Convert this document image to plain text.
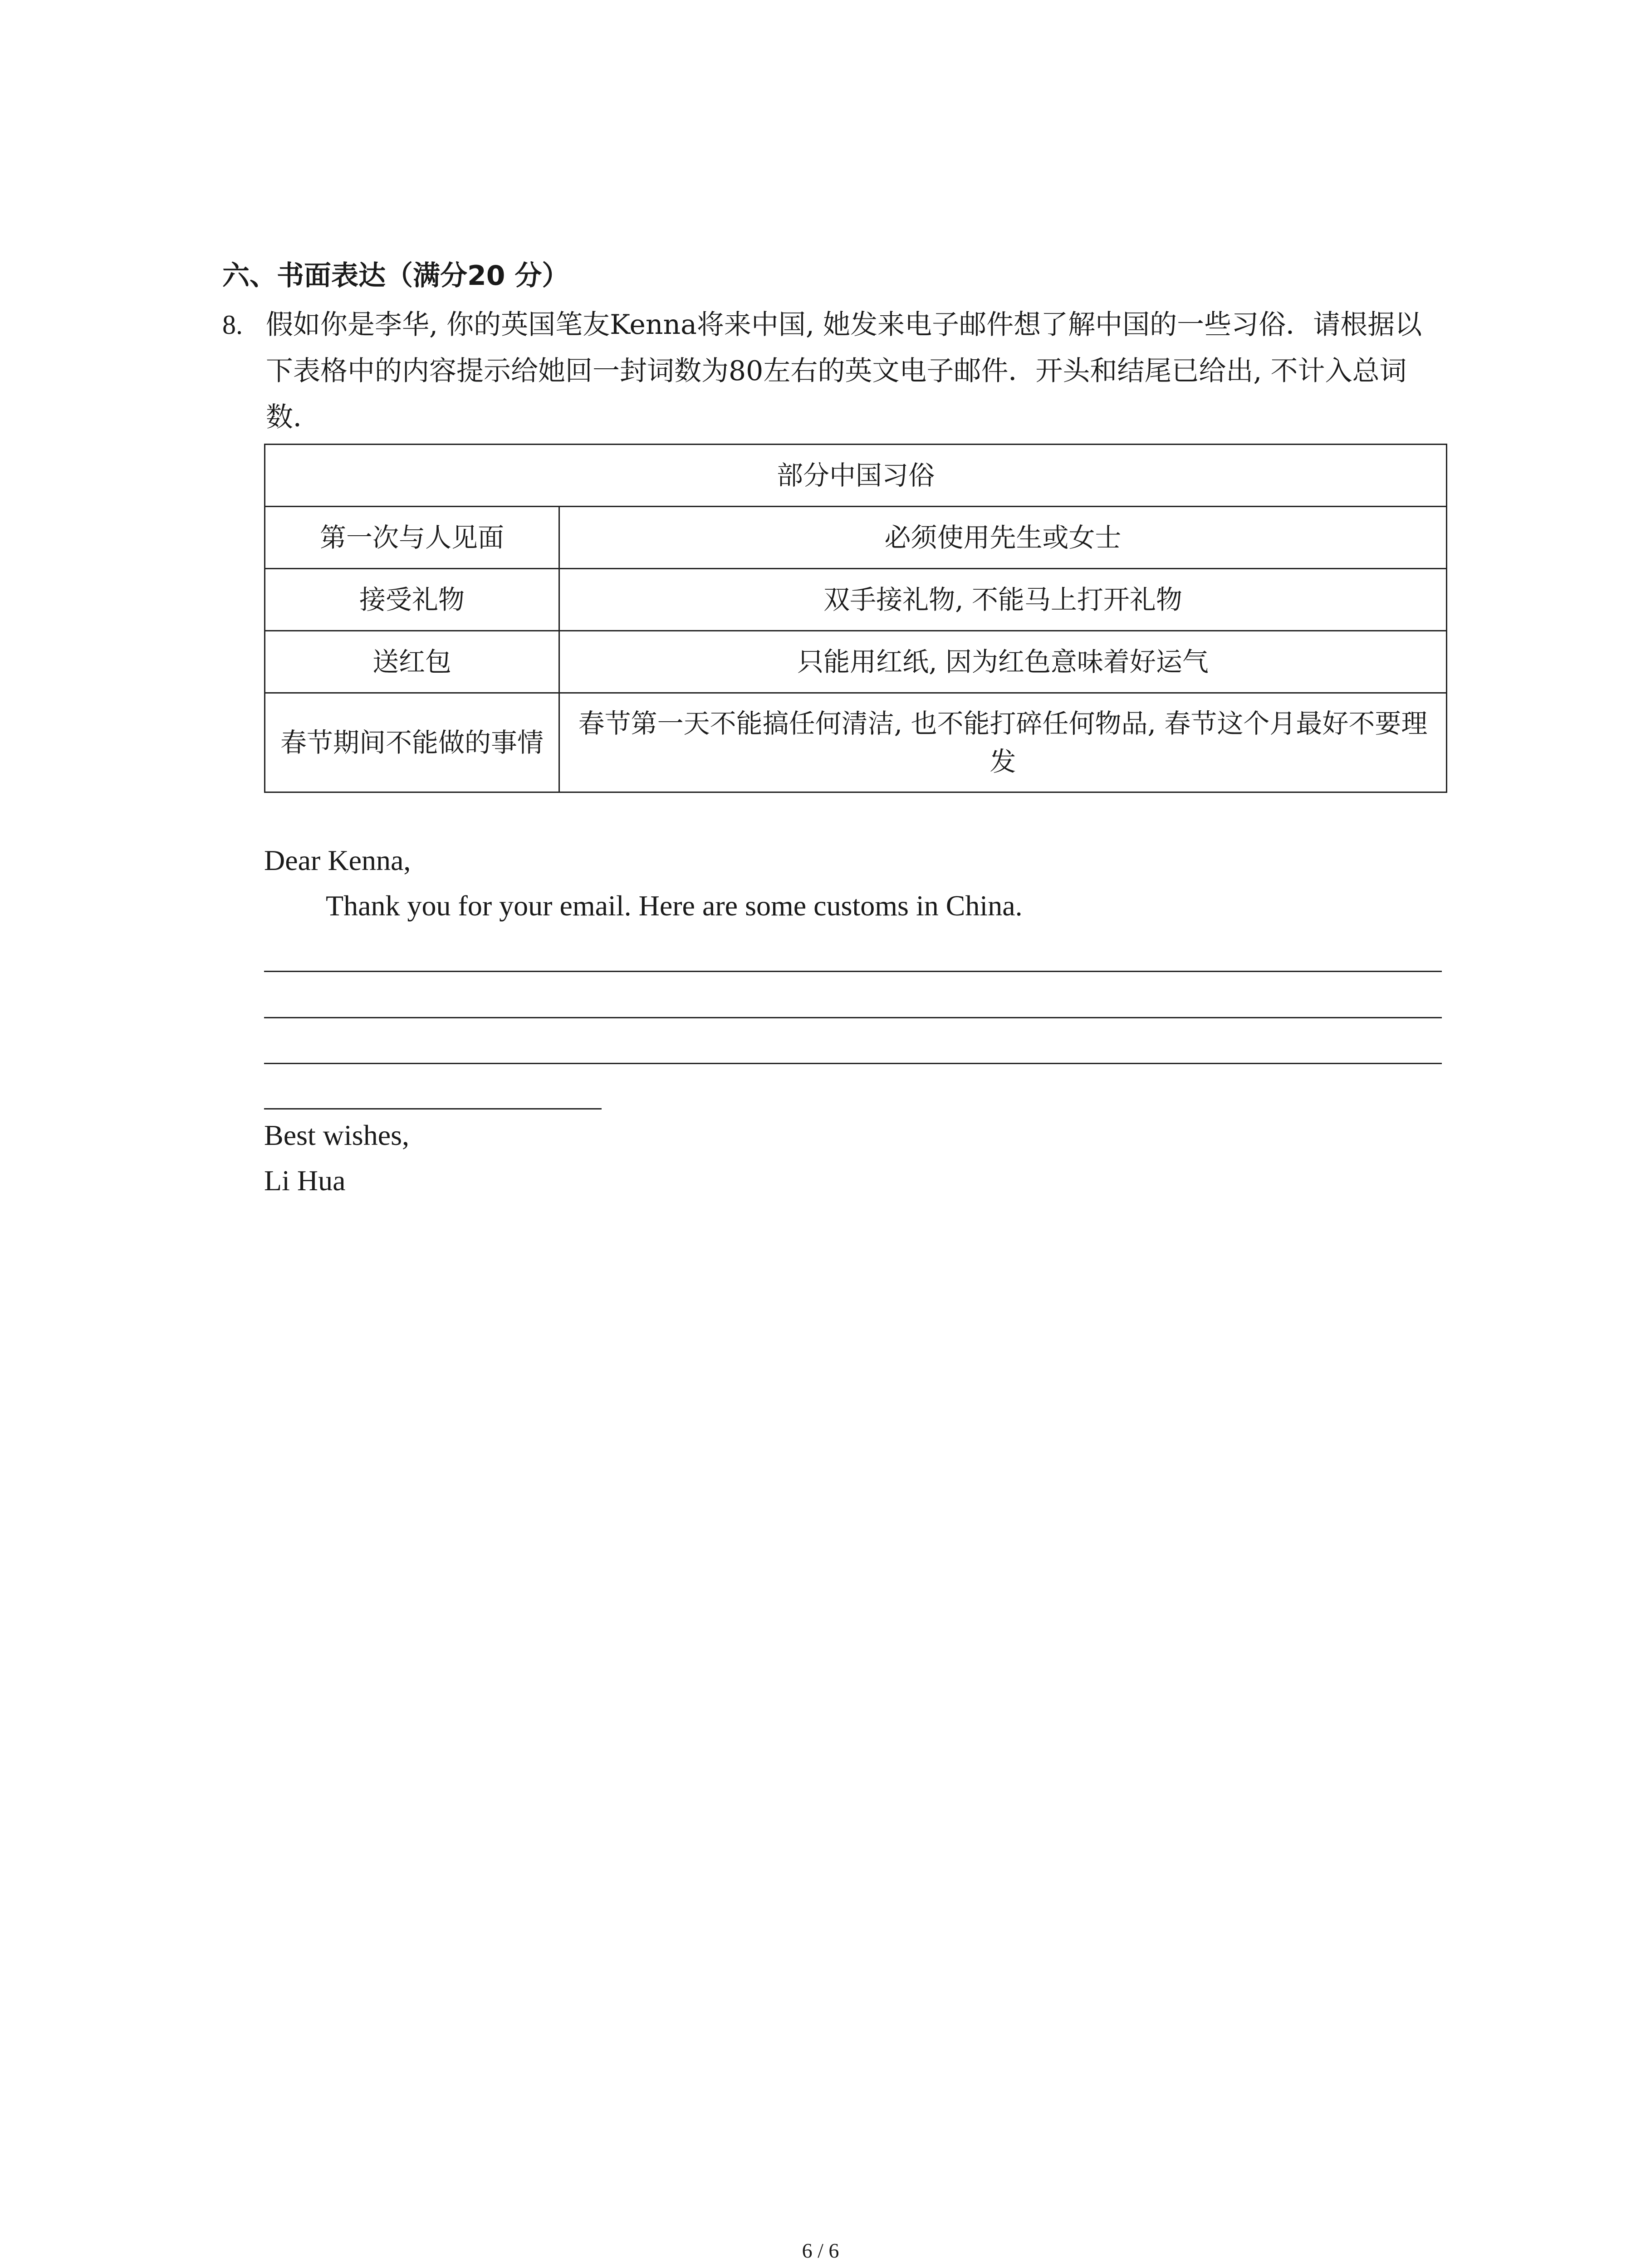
六、书面表达（满分20 分）
8. 假如你是李华, 你的英国笔友Kenna将来中国, 她发来电子邮件想了解中国的一些习俗．请根据以下表格中的内容提示给她回一封词数为80左右的英文电子邮件．开头和结尾已给出, 不计入总词数．
部分中国习俗	
第一次与人见面	必须使用先生或女士
接受礼物	双手接礼物, 不能马上打开礼物
送红包	只能用红纸, 因为红色意味着好运气
春节期间不能做的事情	春节第一天不能搞任何清洁, 也不能打碎任何物品, 春节这个月最好不要理发
Dear Kenna,
Thank you for your email. Here are some customs in China.
Best wishes,
Li Hua
6 / 6
